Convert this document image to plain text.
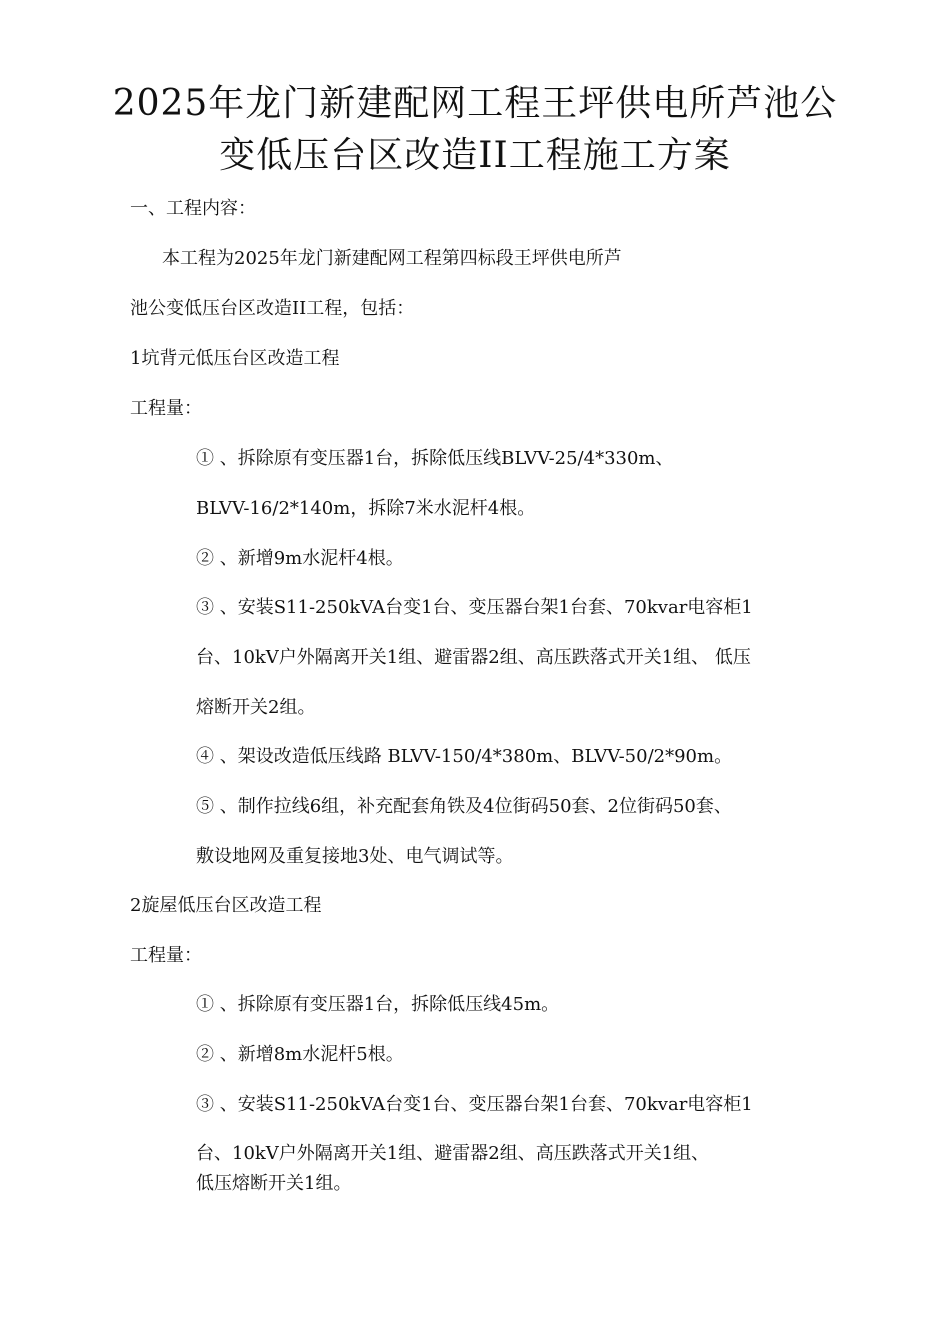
2025年龙门新建配网工程王坪供电所芦池公
变低压台区改造II工程施工方案
一、工程内容：
本工程为2025年龙门新建配网工程第四标段王坪供电所芦
池公变低压台区改造II工程，包括：
1坑背元低压台区改造工程
工程量：
① 、拆除原有变压器1台，拆除低压线BLVV-25/4*330m、
BLVV-16/2*140m，拆除7米水泥杆4根。
② 、新增9m水泥杆4根。
③ 、安装S11-250kVA台变1台、变压器台架1台套、70kvar电容柜1
台、10kV户外隔离开关1组、避雷器2组、高压跌落式开关1组、 低压
熔断开关2组。
④ 、架设改造低压线路 BLVV-150/4*380m、BLVV-50/2*90m。
⑤ 、制作拉线6组，补充配套角铁及4位街码50套、2位街码50套、
敷设地网及重复接地3处、电气调试等。
2旋屋低压台区改造工程
工程量：
① 、拆除原有变压器1台，拆除低压线45m。
② 、新增8m水泥杆5根。
③ 、安装S11-250kVA台变1台、变压器台架1台套、70kvar电容柜1
台、10kV户外隔离开关1组、避雷器2组、高压跌落式开关1组、
低压熔断开关1组。
